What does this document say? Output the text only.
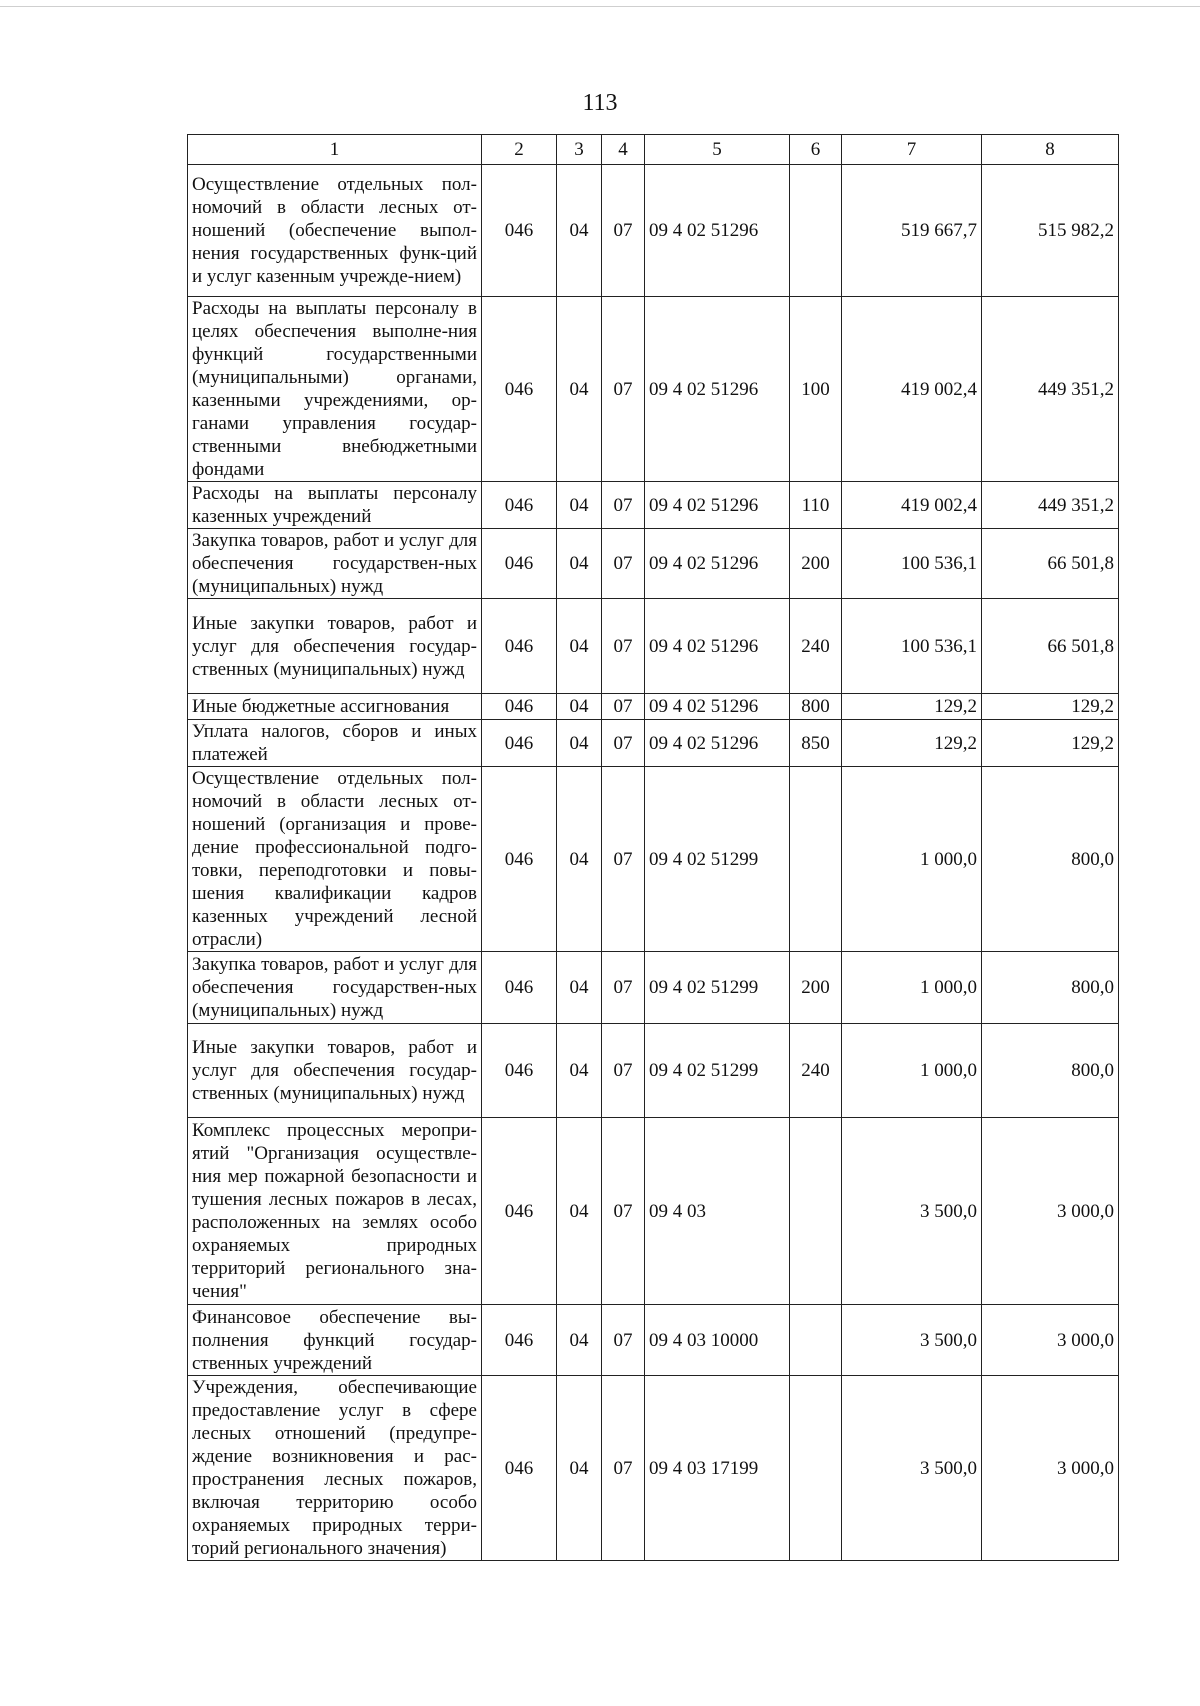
113
1	2	3	4	5	6	7	8
Осуществление отдельных пол-номочий в области лесных от-ношений (обеспечение выпол-нения государственных функ-ций и услуг казенным учрежде-нием)	046	04	07	09 4 02 51296		519 667,7	515 982,2
Расходы на выплаты персоналу в целях обеспечения выполне-ния функций государственными (муниципальными) органами, казенными учреждениями, ор-ганами управления государ-ственными внебюджетными фондами	046	04	07	09 4 02 51296	100	419 002,4	449 351,2
Расходы на выплаты персоналу казенных учреждений	046	04	07	09 4 02 51296	110	419 002,4	449 351,2
Закупка товаров, работ и услуг для обеспечения государствен-ных (муниципальных) нужд	046	04	07	09 4 02 51296	200	100 536,1	66 501,8
Иные закупки товаров, работ и услуг для обеспечения государ-ственных (муниципальных) нужд	046	04	07	09 4 02 51296	240	100 536,1	66 501,8
Иные бюджетные ассигнования	046	04	07	09 4 02 51296	800	129,2	129,2
Уплата налогов, сборов и иных платежей	046	04	07	09 4 02 51296	850	129,2	129,2
Осуществление отдельных пол-номочий в области лесных от-ношений (организация и прове-дение профессиональной подго-товки, переподготовки и повы-шения квалификации кадров казенных учреждений лесной отрасли)	046	04	07	09 4 02 51299		1 000,0	800,0
Закупка товаров, работ и услуг для обеспечения государствен-ных (муниципальных) нужд	046	04	07	09 4 02 51299	200	1 000,0	800,0
Иные закупки товаров, работ и услуг для обеспечения государ-ственных (муниципальных) нужд	046	04	07	09 4 02 51299	240	1 000,0	800,0
Комплекс процессных меропри-ятий "Организация осуществле-ния мер пожарной безопасности и тушения лесных пожаров в лесах, расположенных на землях особо охраняемых природных территорий регионального зна-чения"	046	04	07	09 4 03		3 500,0	3 000,0
Финансовое обеспечение вы-полнения функций государ-ственных учреждений	046	04	07	09 4 03 10000		3 500,0	3 000,0
Учреждения, обеспечивающие предоставление услуг в сфере лесных отношений (предупре-ждение возникновения и рас-пространения лесных пожаров, включая территорию особо охраняемых природных терри-торий регионального значения)	046	04	07	09 4 03 17199		3 500,0	3 000,0
